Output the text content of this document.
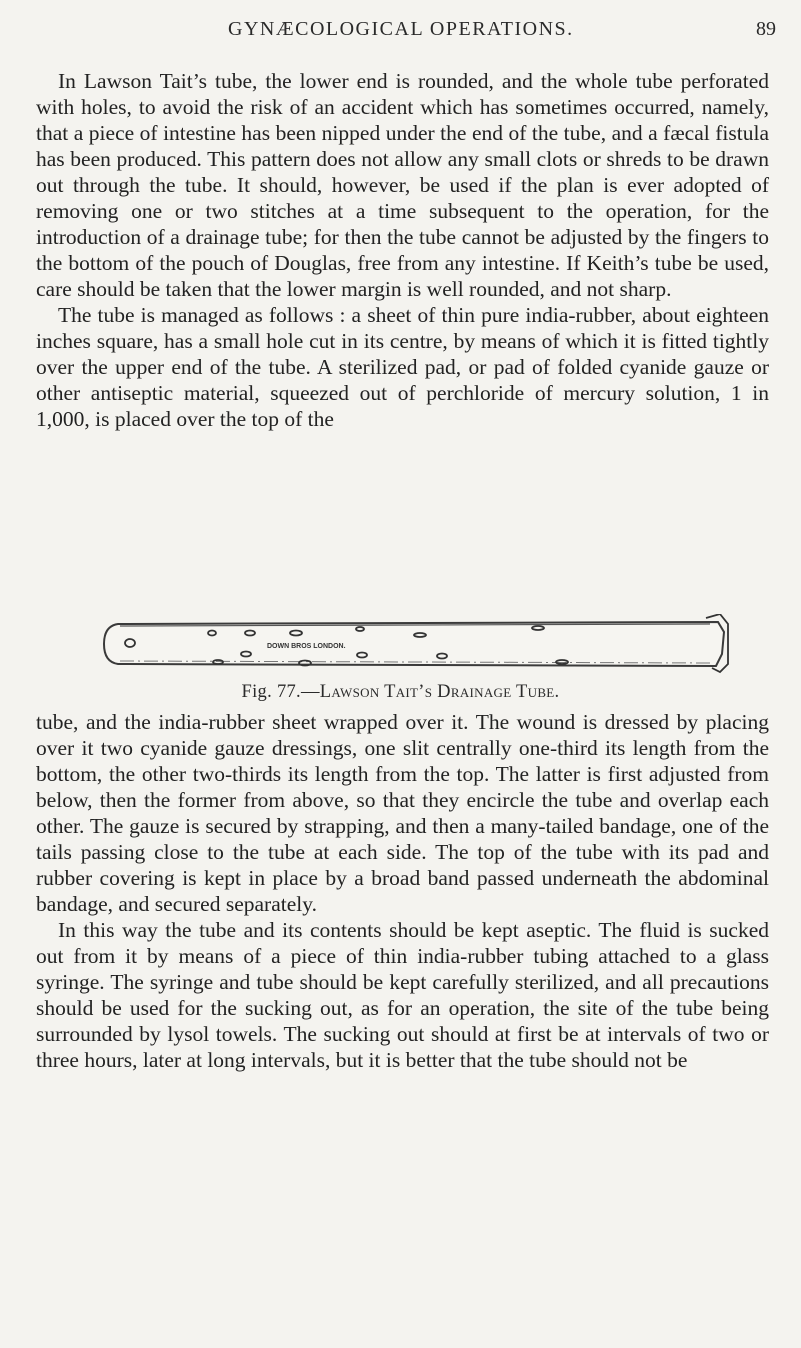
GYNÆCOLOGICAL OPERATIONS.	89

In Lawson Tait’s tube, the lower end is rounded, and the whole tube perforated with holes, to avoid the risk of an accident which has sometimes occurred, namely, that a piece of intestine has been nipped under the end of the tube, and a fæcal fistula has been produced. This pattern does not allow any small clots or shreds to be drawn out through the tube. It should, however, be used if the plan is ever adopted of removing one or two stitches at a time subsequent to the operation, for the introduction of a drainage tube; for then the tube cannot be adjusted by the fingers to the bottom of the pouch of Douglas, free from any intestine. If Keith’s tube be used, care should be taken that the lower margin is well rounded, and not sharp.

The tube is managed as follows : a sheet of thin pure india-rubber, about eighteen inches square, has a small hole cut in its centre, by means of which it is fitted tightly over the upper end of the tube. A sterilized pad, or pad of folded cyanide gauze or other antiseptic material, squeezed out of perchloride of mercury solution, 1 in 1,000, is placed over the top of the

DOWN BROS LONDON.
Fig. 77.—Lawson Tait’s Drainage Tube.

tube, and the india-rubber sheet wrapped over it. The wound is dressed by placing over it two cyanide gauze dressings, one slit centrally one-third its length from the bottom, the other two-thirds its length from the top. The latter is first adjusted from below, then the former from above, so that they encircle the tube and overlap each other. The gauze is secured by strapping, and then a many-tailed bandage, one of the tails passing close to the tube at each side. The top of the tube with its pad and rubber covering is kept in place by a broad band passed underneath the abdominal bandage, and secured separately.

In this way the tube and its contents should be kept aseptic. The fluid is sucked out from it by means of a piece of thin india-rubber tubing attached to a glass syringe. The syringe and tube should be kept carefully sterilized, and all precautions should be used for the sucking out, as for an operation, the site of the tube being surrounded by lysol towels. The sucking out should at first be at intervals of two or three hours, later at long intervals, but it is better that the tube should not be
